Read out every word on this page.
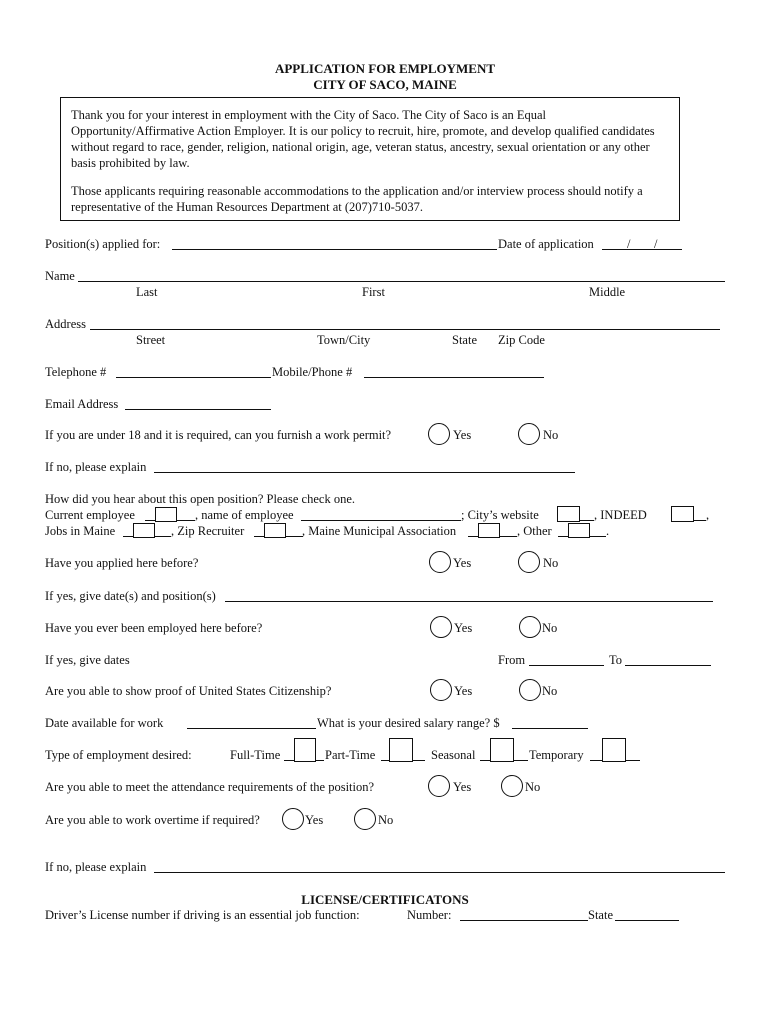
APPLICATION FOR EMPLOYMENT
CITY OF SACO, MAINE

Thank you for your interest in employment with the City of Saco. The City of Saco is an Equal Opportunity/Affirmative Action Employer. It is our policy to recruit, hire, promote, and develop qualified candidates without regard to race, gender, religion, national origin, age, veteran status, ancestry, sexual orientation or any other basis prohibited by law.

Those applicants requiring reasonable accommodations to the application and/or interview process should notify a representative of the Human Resources Department at (207)710-5037.

Position(s) applied for:	Date of application	/ /
Name
Last	First	Middle
Address
Street	Town/City	State Zip Code
Telephone #	Mobile/Phone #
Email Address
If you are under 18 and it is required, can you furnish a work permit?	Yes	No
If no, please explain
How did you hear about this open position? Please check one.
Current employee	, name of employee	; City’s website	, INDEED	,
Jobs in Maine	, Zip Recruiter	, Maine Municipal Association	, Other	.
Have you applied here before?	Yes	No
If yes, give date(s) and position(s)
Have you ever been employed here before?	Yes	No
If yes, give dates	From	To
Are you able to show proof of United States Citizenship?	Yes	No
Date available for work	What is your desired salary range? $
Type of employment desired:	Full-Time	Part-Time	Seasonal	Temporary
Are you able to meet the attendance requirements of the position?	Yes	No
Are you able to work overtime if required?	Yes	No
If no, please explain
LICENSE/CERTIFICATONS
Driver’s License number if driving is an essential job function:	Number:	State
